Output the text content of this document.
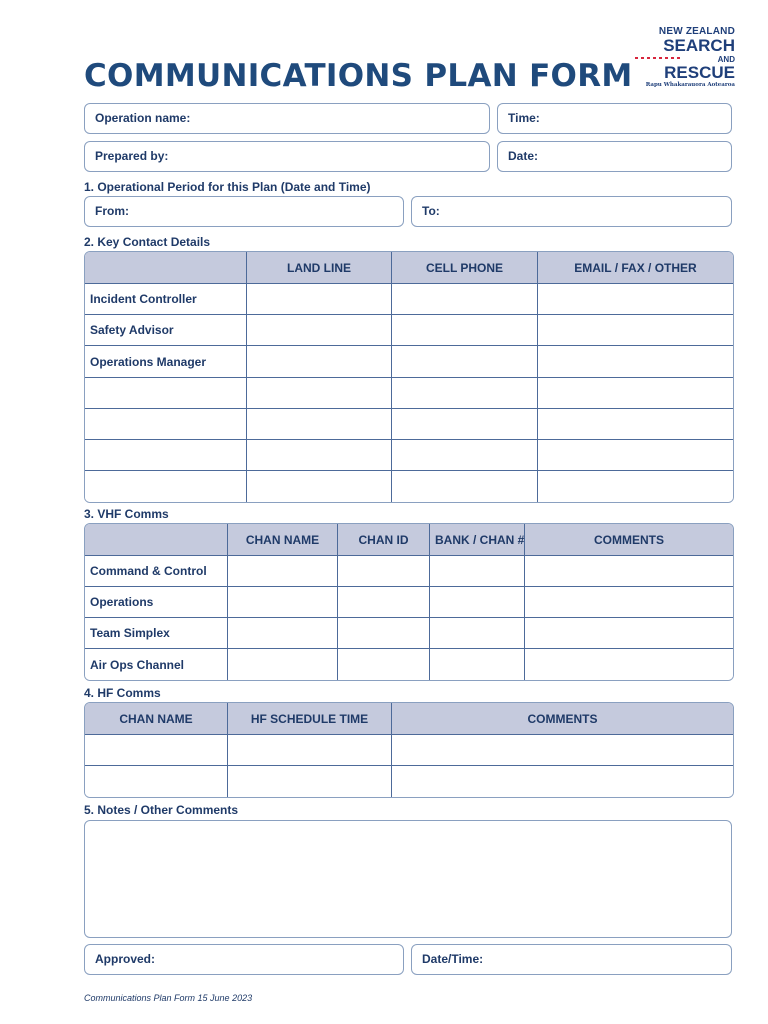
COMMUNICATIONS PLAN FORM
NEW ZEALAND
SEARCH
AND
RESCUE
Rapu Whakarauora Aotearoa
Operation name:	Time:
Prepared by:	Date:
1. Operational Period for this Plan (Date and Time)
From:	To:
2. Key Contact Details
	LAND LINE	CELL PHONE	EMAIL / FAX / OTHER
Incident Controller			
Safety Advisor			
Operations Manager			

3. VHF Comms
	CHAN NAME	CHAN ID	BANK / CHAN #	COMMENTS
Command & Control				
Operations				
Team Simplex				
Air Ops Channel				
4. HF Comms
CHAN NAME	HF SCHEDULE TIME	COMMENTS

5. Notes / Other Comments
Approved:	Date/Time:
Communications Plan Form 15 June 2023
